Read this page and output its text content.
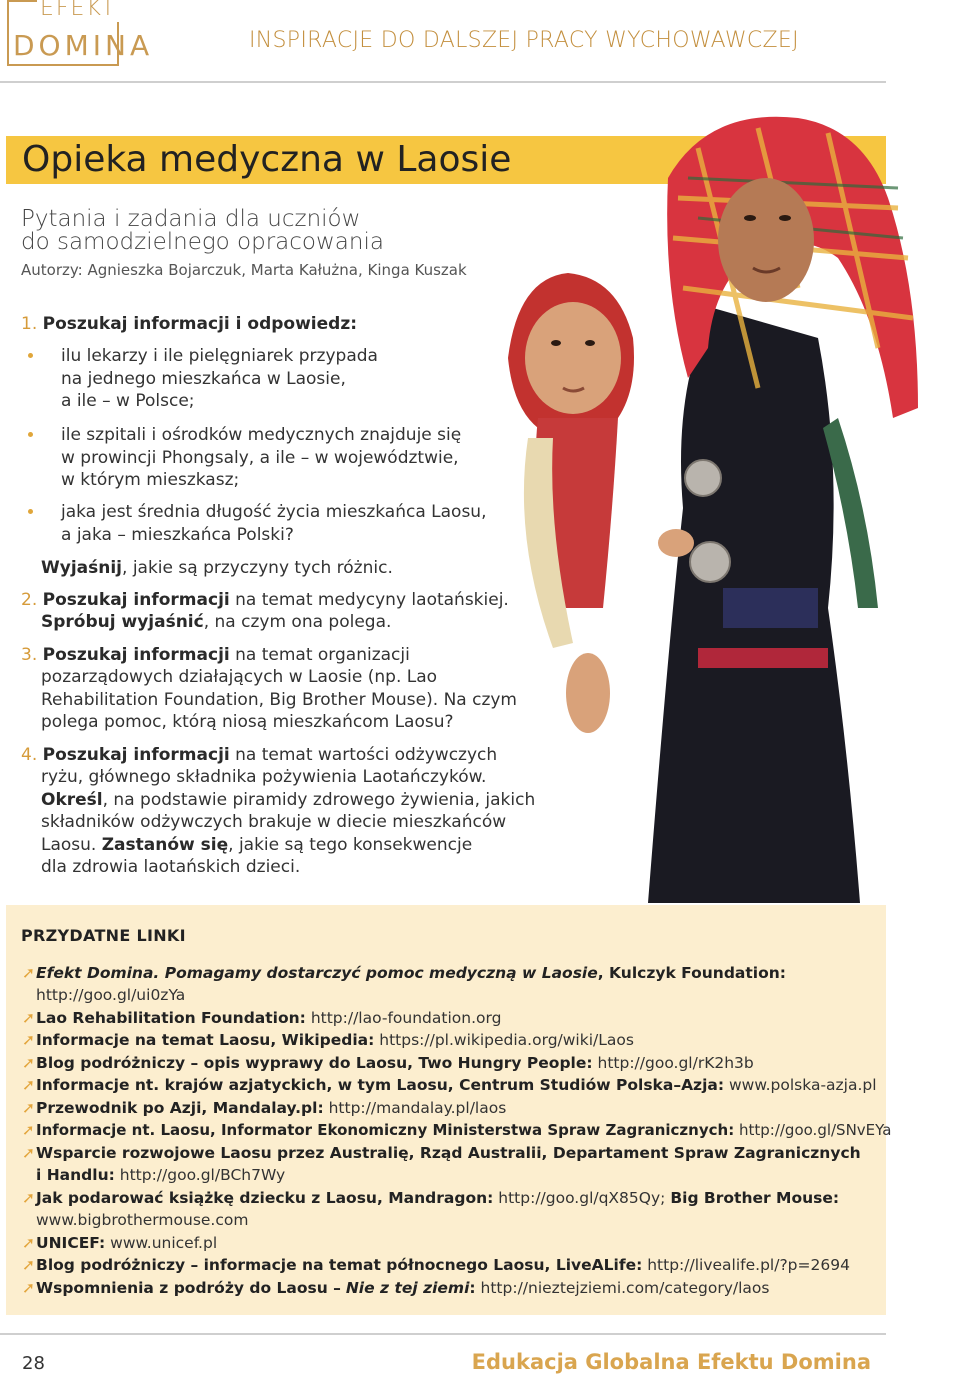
EFEKT
DOMINA	INSPIRACJE DO DALSZEJ PRACY WYCHOWAWCZEJ
Opieka medyczna w Laosie
Pytania i zadania dla uczniów
do samodzielnego opracowania
Autorzy: Agnieszka Bojarczuk, Marta Kałużna, Kinga Kuszak
1. Poszukaj informacji i odpowiedz:
ilu lekarzy i ile pielęgniarek przypada
na jednego mieszkańca w Laosie,
a ile – w Polsce;
ile szpitali i ośrodków medycznych znajduje się
w prowincji Phongsaly, a ile – w województwie,
w którym mieszkasz;
jaka jest średnia długość życia mieszkańca Laosu,
a jaka – mieszkańca Polski?
Wyjaśnij, jakie są przyczyny tych różnic.
2. Poszukaj informacji na temat medycyny laotańskiej.
Spróbuj wyjaśnić, na czym ona polega.
3. Poszukaj informacji na temat organizacji
pozarządowych działających w Laosie (np. Lao
Rehabilitation Foundation, Big Brother Mouse). Na czym
polega pomoc, którą niosą mieszkańcom Laosu?
4. Poszukaj informacji na temat wartości odżywczych
ryżu, głównego składnika pożywienia Laotańczyków.
Określ, na podstawie piramidy zdrowego żywienia, jakich
składników odżywczych brakuje w diecie mieszkańców
Laosu. Zastanów się, jakie są tego konsekwencje
dla zdrowia laotańskich dzieci.
PRZYDATNE LINKI
➚Efekt Domina. Pomagamy dostarczyć pomoc medyczną w Laosie, Kulczyk Foundation:
http://goo.gl/ui0zYa
➚Lao Rehabilitation Foundation: http://lao-foundation.org
➚Informacje na temat Laosu, Wikipedia: https://pl.wikipedia.org/wiki/Laos
➚Blog podróżniczy – opis wyprawy do Laosu, Two Hungry People: http://goo.gl/rK2h3b
➚Informacje nt. krajów azjatyckich, w tym Laosu, Centrum Studiów Polska–Azja: www.polska-azja.pl
➚Przewodnik po Azji, Mandalay.pl: http://mandalay.pl/laos
➚Informacje nt. Laosu, Informator Ekonomiczny Ministerstwa Spraw Zagranicznych: http://goo.gl/SNvEYa
➚Wsparcie rozwojowe Laosu przez Australię, Rząd Australii, Departament Spraw Zagranicznych
i Handlu: http://goo.gl/BCh7Wy
➚Jak podarować książkę dziecku z Laosu, Mandragon: http://goo.gl/qX85Qy; Big Brother Mouse:
www.bigbrothermouse.com
➚UNICEF: www.unicef.pl
➚Blog podróżniczy – informacje na temat północnego Laosu, LiveALife: http://livealife.pl/?p=2694
➚Wspomnienia z podróży do Laosu – Nie z tej ziemi: http://nieztejziemi.com/category/laos
28	Edukacja Globalna Efektu Domina
